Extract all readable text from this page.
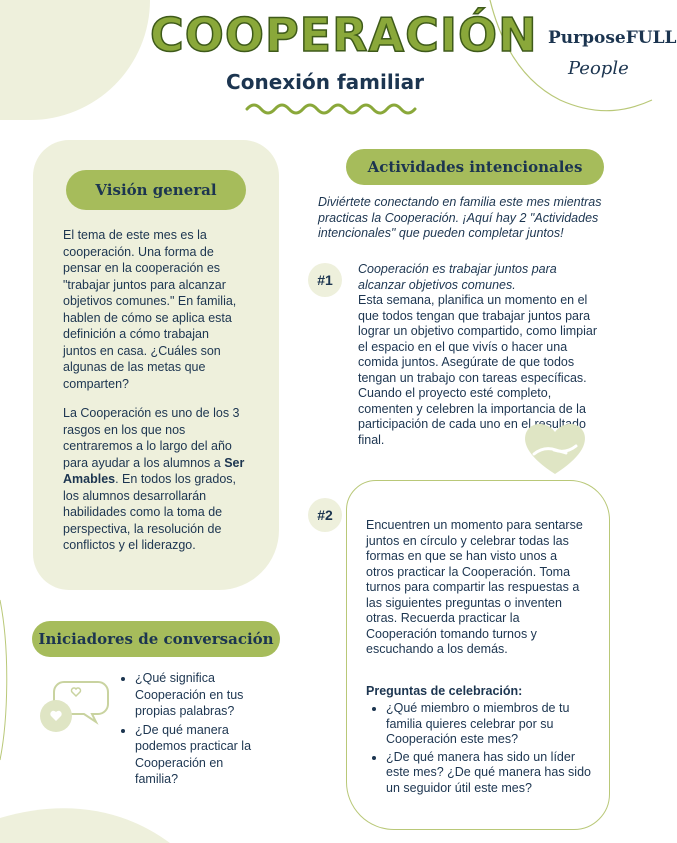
COOPERACIÓN
Conexión familiar
PurposeFULL
People
Visión general
El tema de este mes es la cooperación. Una forma de pensar en la cooperación es "trabajar juntos para alcanzar objetivos comunes." En familia, hablen de cómo se aplica esta definición a cómo trabajan juntos en casa. ¿Cuáles son algunas de las metas que comparten?
La Cooperación es uno de los 3 rasgos en los que nos centraremos a lo largo del año para ayudar a los alumnos a Ser Amables. En todos los grados, los alumnos desarrollarán habilidades como la toma de perspectiva, la resolución de conflictos y el liderazgo.
Iniciadores de conversación
• ¿Qué significa Cooperación en tus propias palabras?
• ¿De qué manera podemos practicar la Cooperación en familia?
Actividades intencionales
Diviértete conectando en familia este mes mientras practicas la Cooperación. ¡Aquí hay 2 "Actividades intencionales" que pueden completar juntos!
#1
Cooperación es trabajar juntos para alcanzar objetivos comunes.
Esta semana, planifica un momento en el que todos tengan que trabajar juntos para lograr un objetivo compartido, como limpiar el espacio en el que vivís o hacer una comida juntos. Asegúrate de que todos tengan un trabajo con tareas específicas. Cuando el proyecto esté completo, comenten y celebren la importancia de la participación de cada uno en el resultado final.
#2
Encuentren un momento para sentarse juntos en círculo y celebrar todas las formas en que se han visto unos a otros practicar la Cooperación. Toma turnos para compartir las respuestas a las siguientes preguntas o inventen otras. Recuerda practicar la Cooperación tomando turnos y escuchando a los demás.
Preguntas de celebración:
• ¿Qué miembro o miembros de tu familia quieres celebrar por su Cooperación este mes?
• ¿De qué manera has sido un líder este mes? ¿De qué manera has sido un seguidor útil este mes?
